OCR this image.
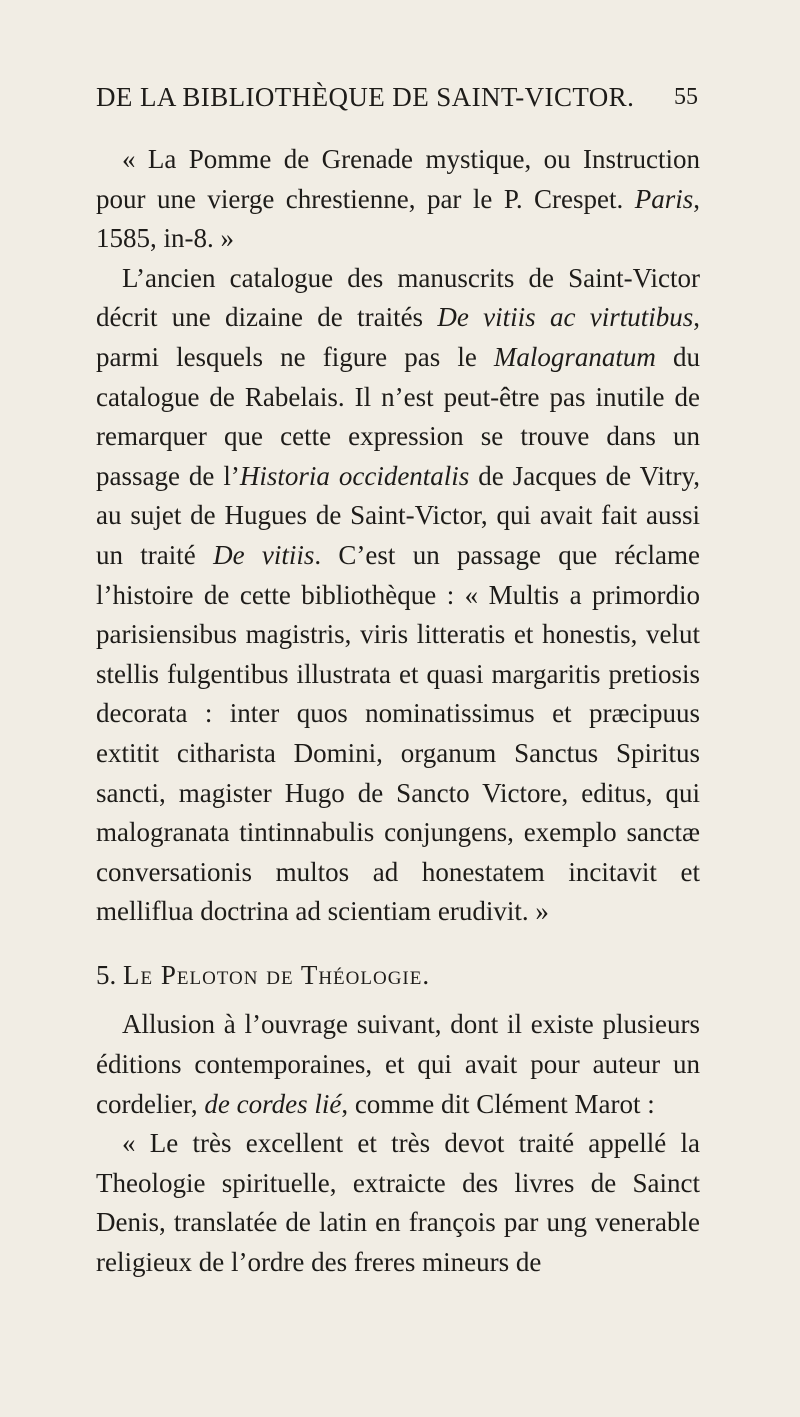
DE LA BIBLIOTHÈQUE DE SAINT-VICTOR. 55

« La Pomme de Grenade mystique, ou Instruction pour une vierge chrestienne, par le P. Crespet. Paris, 1585, in-8. »

L’ancien catalogue des manuscrits de Saint-Victor décrit une dizaine de traités De vitiis ac virtutibus, parmi lesquels ne figure pas le Malogranatum du catalogue de Rabelais. Il n’est peut-être pas inutile de remarquer que cette expression se trouve dans un passage de l’Historia occidentalis de Jacques de Vitry, au sujet de Hugues de Saint-Victor, qui avait fait aussi un traité De vitiis. C’est un passage que réclame l’histoire de cette bibliothèque : « Multis a primordio parisiensibus magistris, viris litteratis et honestis, velut stellis fulgentibus illustrata et quasi margaritis pretiosis decorata : inter quos nominatissimus et præcipuus extitit citharista Domini, organum Sanctus Spiritus sancti, magister Hugo de Sancto Victore, editus, qui malogranata tintinnabulis conjungens, exemplo sanctæ conversationis multos ad honestatem incitavit et melliflua doctrina ad scientiam erudivit. »

5. Le Peloton de Théologie.

Allusion à l’ouvrage suivant, dont il existe plusieurs éditions contemporaines, et qui avait pour auteur un cordelier, de cordes lié, comme dit Clément Marot :

« Le très excellent et très devot traité appellé la Theologie spirituelle, extraicte des livres de Sainct Denis, translatée de latin en françois par ung venerable religieux de l’ordre des freres mineurs de
